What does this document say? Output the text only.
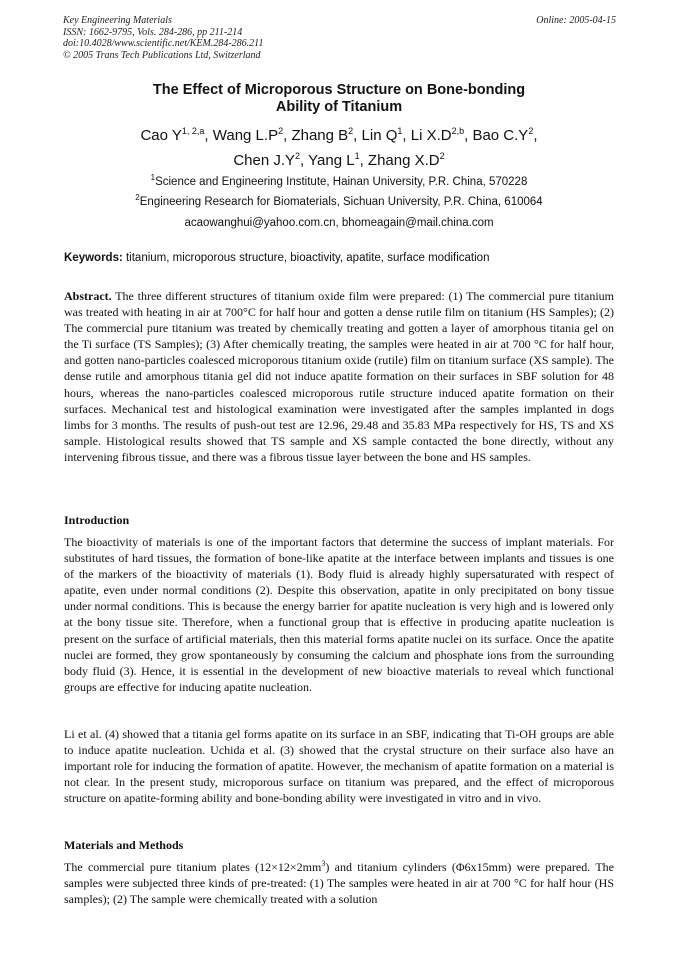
Key Engineering Materials
ISSN: 1662-9795, Vols. 284-286, pp 211-214
doi:10.4028/www.scientific.net/KEM.284-286.211
© 2005 Trans Tech Publications Ltd, Switzerland
Online: 2005-04-15
The Effect of Microporous Structure on Bone-bonding
Ability of Titanium
Cao Y$^{1, 2,a}$, Wang $L.P^2$, Zhang $B^2$, Lin $Q^1$, Li $X.D^{2,b}$, Bao $C.Y^2$,
Chen $J.Y^2$, Yang $L^1$, Zhang $X.D^2$
$^1$Science and Engineering Institute, Hainan University, P.R. China, 570228
$^2$Engineering Research for Biomaterials, Sichuan University, P.R. China, 610064
acaowanghui@yahoo.com.cn, bhomeagain@mail.china.com
Keywords: titanium, microporous structure, bioactivity, apatite, surface modification
Abstract. The three different structures of titanium oxide film were prepared: (1) The commercial pure titanium was treated with heating in air at 700°C for half hour and gotten a dense rutile film on titanium (HS Samples); (2) The commercial pure titanium was treated by chemically treating and gotten a layer of amorphous titania gel on the Ti surface (TS Samples); (3) After chemically treating, the samples were heated in air at 700 °C for half hour, and gotten nano-particles coalesced microporous titanium oxide (rutile) film on titanium surface (XS sample). The dense rutile and amorphous titania gel did not induce apatite formation on their surfaces in SBF solution for 48 hours, whereas the nano-particles coalesced microporous rutile structure induced apatite formation on their surfaces. Mechanical test and histological examination were investigated after the samples implanted in dogs limbs for 3 months. The results of push-out test are 12.96, 29.48 and 35.83 MPa respectively for HS, TS and XS sample. Histological results showed that TS sample and XS sample contacted the bone directly, without any intervening fibrous tissue, and there was a fibrous tissue layer between the bone and HS samples.
Introduction
The bioactivity of materials is one of the important factors that determine the success of implant materials. For substitutes of hard tissues, the formation of bone-like apatite at the interface between implants and tissues is one of the markers of the bioactivity of materials (1). Body fluid is already highly supersaturated with respect of apatite, even under normal conditions (2). Despite this observation, apatite in only precipitated on bony tissue under normal conditions. This is because the energy barrier for apatite nucleation is very high and is lowered only at the bony tissue site. Therefore, when a functional group that is effective in producing apatite nucleation is present on the surface of artificial materials, then this material forms apatite nuclei on its surface. Once the apatite nuclei are formed, they grow spontaneously by consuming the calcium and phosphate ions from the surrounding body fluid (3). Hence, it is essential in the development of new bioactive materials to reveal which functional groups are effective for inducing apatite nucleation.
Li et al. (4) showed that a titania gel forms apatite on its surface in an SBF, indicating that Ti-OH groups are able to induce apatite nucleation. Uchida et al. (3) showed that the crystal structure on their surface also have an important role for inducing the formation of apatite. However, the mechanism of apatite formation on a material is not clear. In the present study, microporous surface on titanium was prepared, and the effect of microporous structure on apatite-forming ability and bone-bonding ability were investigated in vitro and in vivo.
Materials and Methods
The commercial pure titanium plates $(12\times 12\times 2mm^3)$ and titanium cylinders (Φ6x15mm) were prepared. The samples were subjected three kinds of pre-treated: (1) The samples were heated in air at 700 °C for half hour (HS samples); (2) The sample were chemically treated with a solution
